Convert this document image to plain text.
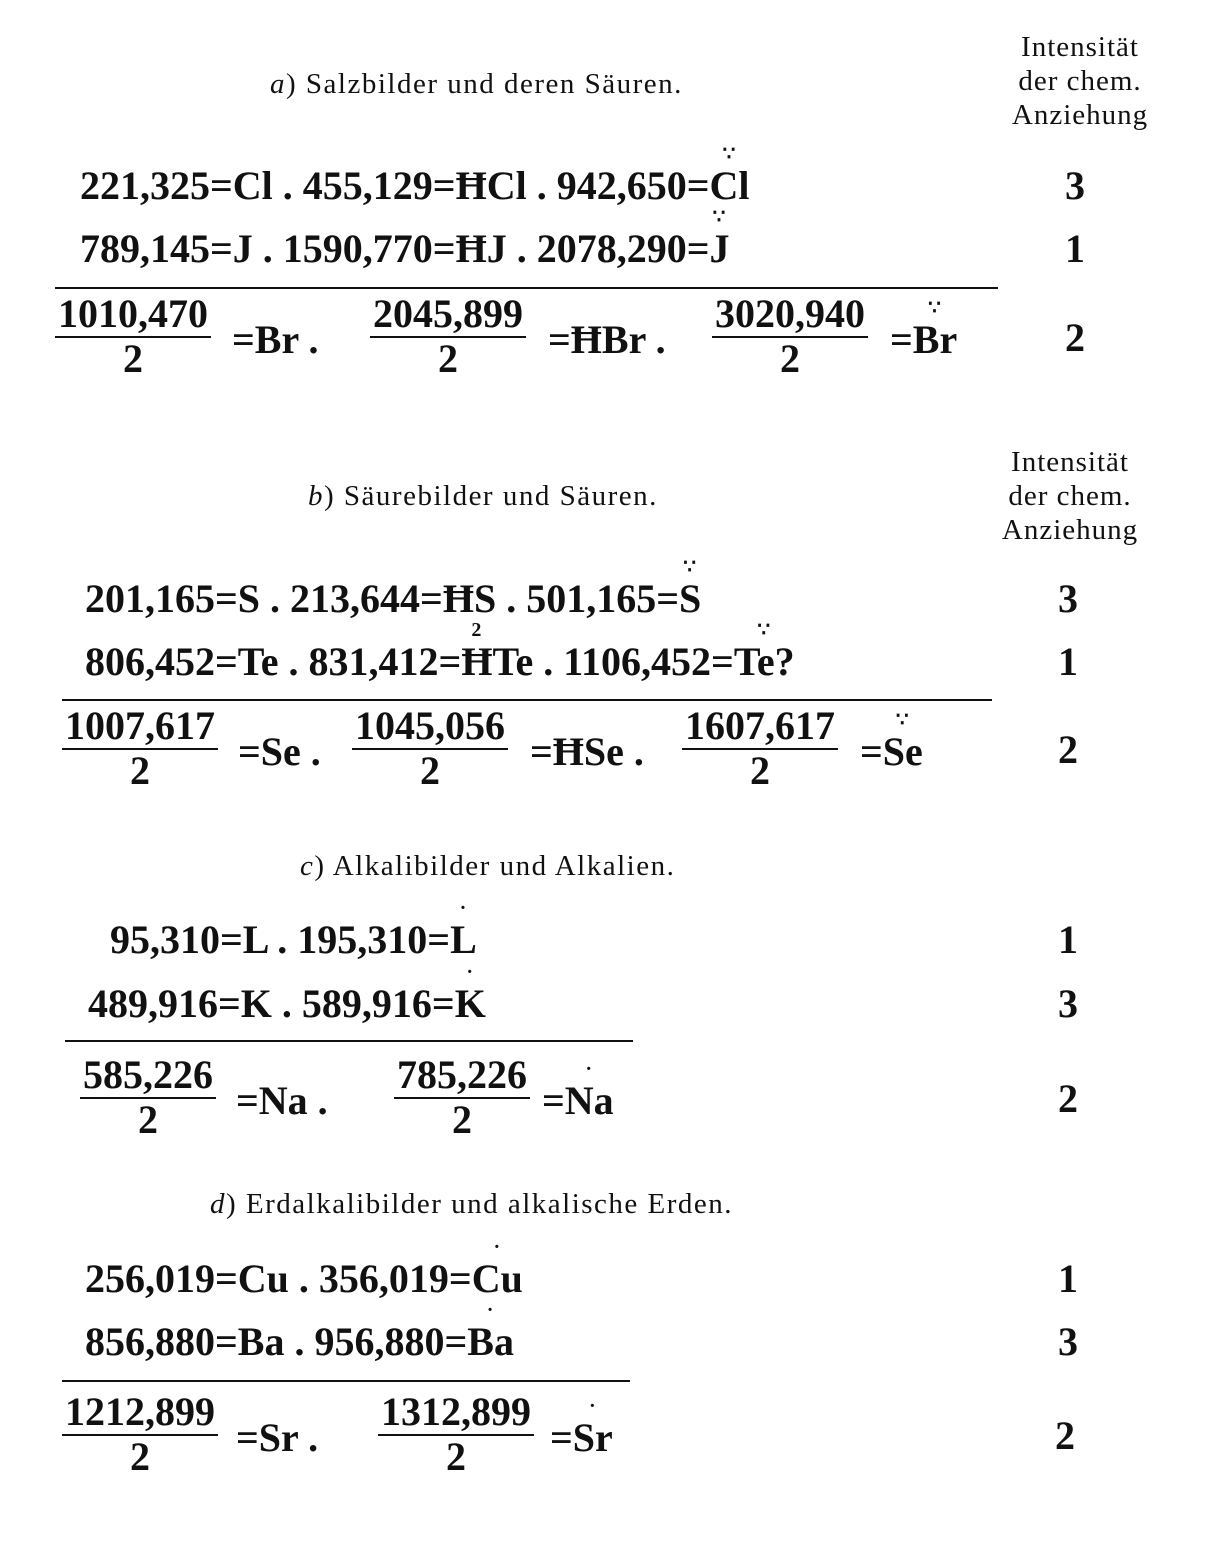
a) Salzbilder und deren Säuren.
Intensität
der chem.
Anziehung
221,325=Cl . 455,129=ĦCl . 942,650=
∵
Cl	3
789,145=J . 1590,770=ĦJ . 2078,290=
∵
J	1
$\frac{1010,470}{2} =Br$ . $\frac{2045,899}{2}$ =ĦBr . $\frac{3020,940}{2}$ =
∵
Br	2
b) Säurebilder und Säuren.
Intensität
der chem.
Anziehung
201,165=S . 213,644=ĦS . 501,165=
∵
S	3
806,452=Te . 831,412=
2
ĦTe . 1106,452=
∵
Te?	1
$\frac{1007,617}{2} =Se$ . $\frac{1045,056}{2}$ =ĦSe . $\frac{1607,617}{2}$ =
∵
Se	2
c) Alkalibilder und Alkalien.
95,310=L . 195,310=
·
L	1
489,916=K . 589,916=
·
K	3
$\frac{585,226}{2} =Na$ . $\frac{785,226}{2}$ =
·
Na	2
d) Erdalkalibilder und alkalische Erden.
256,019=Cu . 356,019=
·
Cu	1
856,880=Ba . 956,880=
·
Ba	3
$\frac{1212,899}{2} =Sr$ . $\frac{1312,899}{2}$ =
·
Sr	2
